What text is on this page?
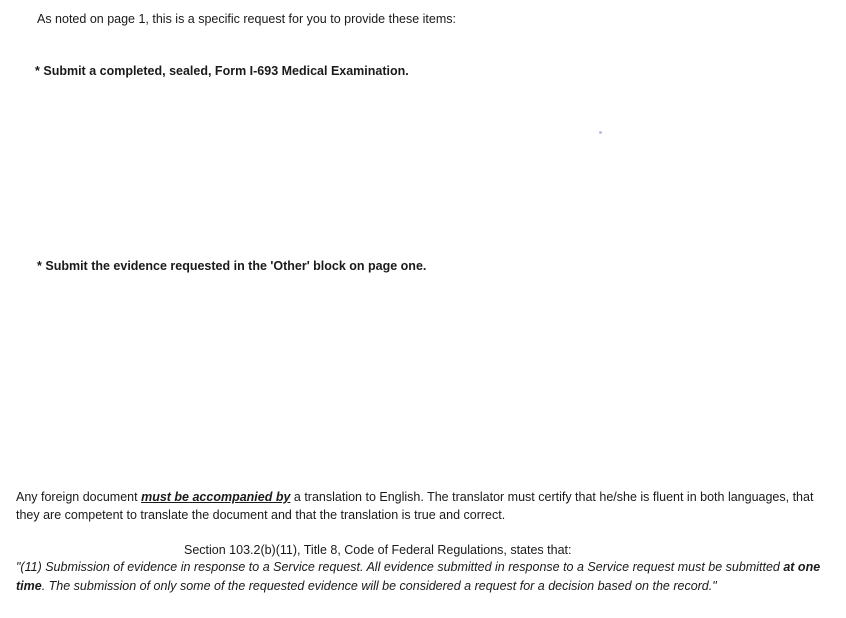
As noted on page 1, this is a specific request for you to provide these items:
* Submit a completed, sealed, Form I-693 Medical Examination.
* Submit the evidence requested in the 'Other' block on page one.
Any foreign document must be accompanied by a translation to English. The translator must certify that he/she is fluent in both languages, that they are competent to translate the document and that the translation is true and correct.
Section 103.2(b)(11), Title 8, Code of Federal Regulations, states that:
"(11) Submission of evidence in response to a Service request. All evidence submitted in response to a Service request must be submitted at one time. The submission of only some of the requested evidence will be considered a request for a decision based on the record."
